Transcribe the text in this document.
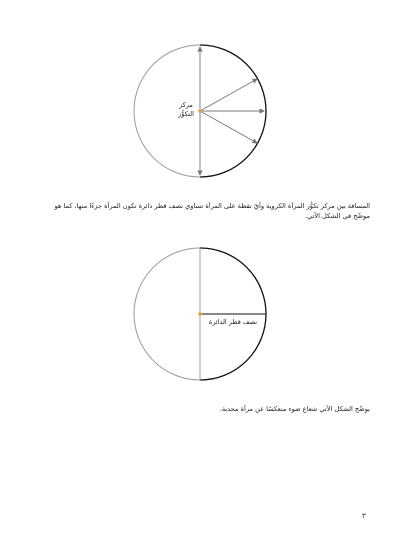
مركز
التكوُّر
المسافة بين مركز تكوُّر المرآة الكروية وأيّ نقطة على المرآة تساوي نصف قطر دائرة تكون المرآة جزءًا منها، كما هو
موضّح في الشكل الآتي.
نصف قطر الدائرة
يوضّح الشكل الآتي شعاع ضوء منعكسًا عن مرآة محدبة.
٣
